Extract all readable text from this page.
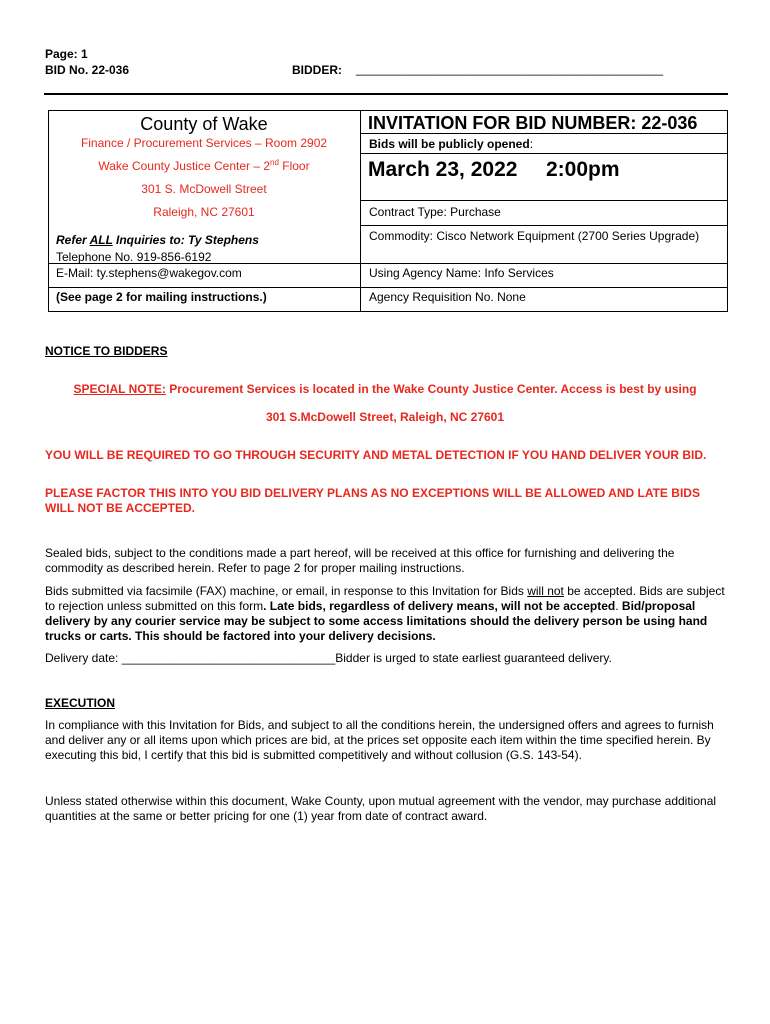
Page: 1
BID No. 22-036	BIDDER: ______________________________________________
County of Wake
Finance / Procurement Services – Room 2902
Wake County Justice Center – 2nd Floor
301 S. McDowell Street
Raleigh, NC 27601
Refer ALL Inquiries to: Ty Stephens
Telephone No. 919-856-6192
E-Mail: ty.stephens@wakegov.com
(See page 2 for mailing instructions.)
INVITATION FOR BID NUMBER: 22-036
Bids will be publicly opened:
March 23, 2022 2:00pm
Contract Type: Purchase
Commodity: Cisco Network Equipment (2700 Series Upgrade)
Using Agency Name: Info Services
Agency Requisition No. None
NOTICE TO BIDDERS
SPECIAL NOTE: Procurement Services is located in the Wake County Justice Center. Access is best by using
301 S.McDowell Street, Raleigh, NC 27601

YOU WILL BE REQUIRED TO GO THROUGH SECURITY AND METAL DETECTION IF YOU HAND DELIVER YOUR BID.

PLEASE FACTOR THIS INTO YOU BID DELIVERY PLANS AS NO EXCEPTIONS WILL BE ALLOWED AND LATE BIDS WILL NOT BE ACCEPTED.

Sealed bids, subject to the conditions made a part hereof, will be received at this office for furnishing and delivering the commodity as described herein. Refer to page 2 for proper mailing instructions.

Bids submitted via facsimile (FAX) machine, or email, in response to this Invitation for Bids will not be accepted. Bids are subject to rejection unless submitted on this form. Late bids, regardless of delivery means, will not be accepted. Bid/proposal delivery by any courier service may be subject to some access limitations should the delivery person be using hand trucks or carts. This should be factored into your delivery decisions.

Delivery date: ________________________________Bidder is urged to state earliest guaranteed delivery.

EXECUTION

In compliance with this Invitation for Bids, and subject to all the conditions herein, the undersigned offers and agrees to furnish and deliver any or all items upon which prices are bid, at the prices set opposite each item within the time specified herein. By executing this bid, I certify that this bid is submitted competitively and without collusion (G.S. 143-54).

Unless stated otherwise within this document, Wake County, upon mutual agreement with the vendor, may purchase additional quantities at the same or better pricing for one (1) year from date of contract award.
